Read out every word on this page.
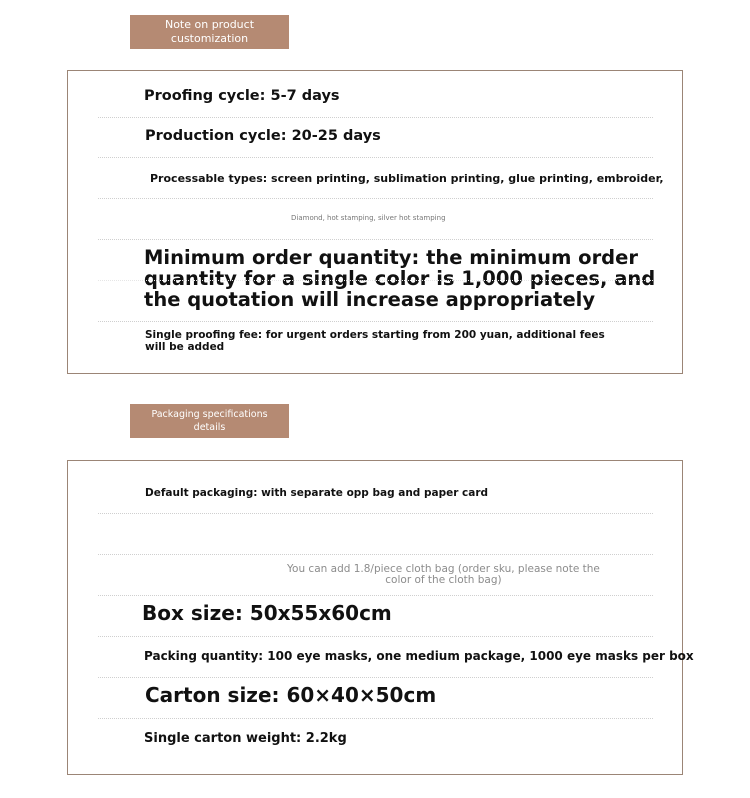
Note on product customization
Proofing cycle: 5-7 days
Production cycle: 20-25 days
Processable types: screen printing, sublimation printing, glue printing, embroider,
Diamond, hot stamping, silver hot stamping
Minimum order quantity: the minimum order
quantity for a single color is 1,000 pieces, and
the quotation will increase appropriately
Single proofing fee: for urgent orders starting from 200 yuan, additional fees
will be added
Packaging specifications details
Default packaging: with separate opp bag and paper card
You can add 1.8/piece cloth bag (order sku, please note the
color of the cloth bag)
Box size: 50x55x60cm
Packing quantity: 100 eye masks, one medium package, 1000 eye masks per box
Carton size: 60×40×50cm
Single carton weight: 2.2kg
